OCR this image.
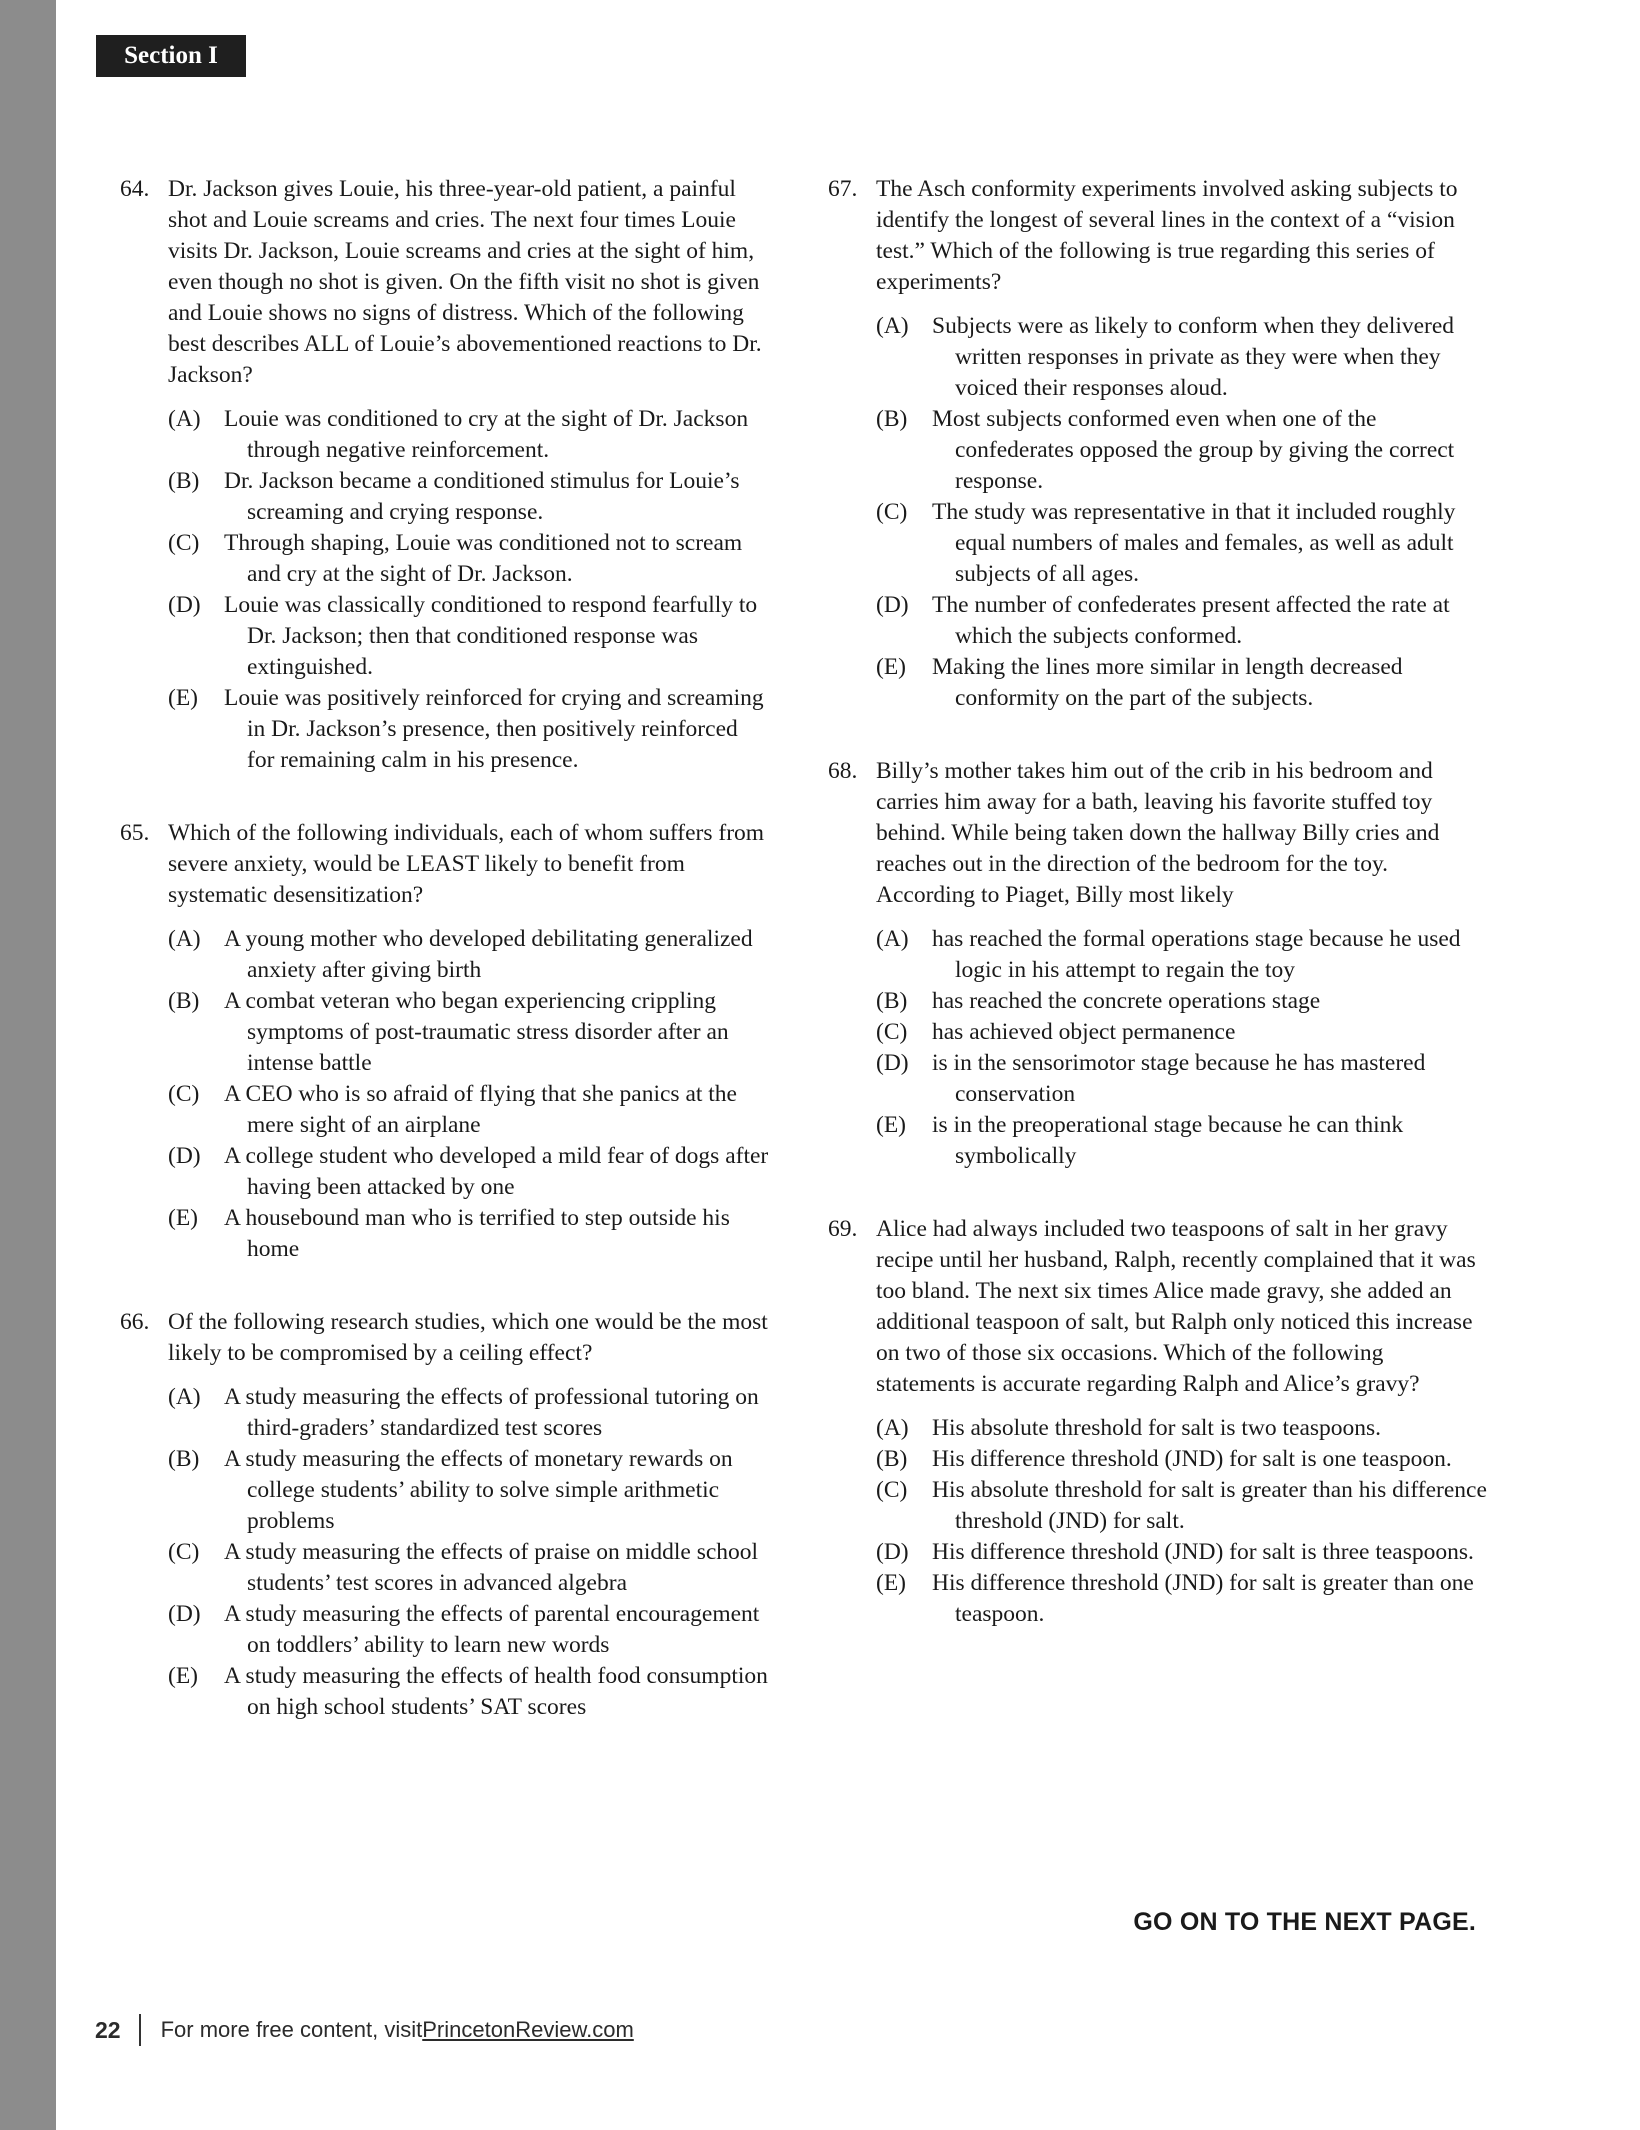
Section I
64. Dr. Jackson gives Louie, his three-year-old patient, a painful shot and Louie screams and cries. The next four times Louie visits Dr. Jackson, Louie screams and cries at the sight of him, even though no shot is given. On the fifth visit no shot is given and Louie shows no signs of distress. Which of the following best describes ALL of Louie’s abovementioned reactions to Dr. Jackson?
(A) Louie was conditioned to cry at the sight of Dr. Jackson through negative reinforcement.
(B) Dr. Jackson became a conditioned stimulus for Louie’s screaming and crying response.
(C) Through shaping, Louie was conditioned not to scream and cry at the sight of Dr. Jackson.
(D) Louie was classically conditioned to respond fearfully to Dr. Jackson; then that conditioned response was extinguished.
(E) Louie was positively reinforced for crying and screaming in Dr. Jackson’s presence, then positively reinforced for remaining calm in his presence.
65. Which of the following individuals, each of whom suffers from severe anxiety, would be LEAST likely to benefit from systematic desensitization?
(A) A young mother who developed debilitating generalized anxiety after giving birth
(B) A combat veteran who began experiencing crippling symptoms of post-traumatic stress disorder after an intense battle
(C) A CEO who is so afraid of flying that she panics at the mere sight of an airplane
(D) A college student who developed a mild fear of dogs after having been attacked by one
(E) A housebound man who is terrified to step outside his home
66. Of the following research studies, which one would be the most likely to be compromised by a ceiling effect?
(A) A study measuring the effects of professional tutoring on third-graders’ standardized test scores
(B) A study measuring the effects of monetary rewards on college students’ ability to solve simple arithmetic problems
(C) A study measuring the effects of praise on middle school students’ test scores in advanced algebra
(D) A study measuring the effects of parental encouragement on toddlers’ ability to learn new words
(E) A study measuring the effects of health food consumption on high school students’ SAT scores
67. The Asch conformity experiments involved asking subjects to identify the longest of several lines in the context of a “vision test.” Which of the following is true regarding this series of experiments?
(A) Subjects were as likely to conform when they delivered written responses in private as they were when they voiced their responses aloud.
(B) Most subjects conformed even when one of the confederates opposed the group by giving the correct response.
(C) The study was representative in that it included roughly equal numbers of males and females, as well as adult subjects of all ages.
(D) The number of confederates present affected the rate at which the subjects conformed.
(E) Making the lines more similar in length decreased conformity on the part of the subjects.
68. Billy’s mother takes him out of the crib in his bedroom and carries him away for a bath, leaving his favorite stuffed toy behind. While being taken down the hallway Billy cries and reaches out in the direction of the bedroom for the toy. According to Piaget, Billy most likely
(A) has reached the formal operations stage because he used logic in his attempt to regain the toy
(B) has reached the concrete operations stage
(C) has achieved object permanence
(D) is in the sensorimotor stage because he has mastered conservation
(E) is in the preoperational stage because he can think symbolically
69. Alice had always included two teaspoons of salt in her gravy recipe until her husband, Ralph, recently complained that it was too bland. The next six times Alice made gravy, she added an additional teaspoon of salt, but Ralph only noticed this increase on two of those six occasions. Which of the following statements is accurate regarding Ralph and Alice’s gravy?
(A) His absolute threshold for salt is two teaspoons.
(B) His difference threshold (JND) for salt is one teaspoon.
(C) His absolute threshold for salt is greater than his difference threshold (JND) for salt.
(D) His difference threshold (JND) for salt is three teaspoons.
(E) His difference threshold (JND) for salt is greater than one teaspoon.
GO ON TO THE NEXT PAGE.
22 For more free content, visit PrincetonReview.com
